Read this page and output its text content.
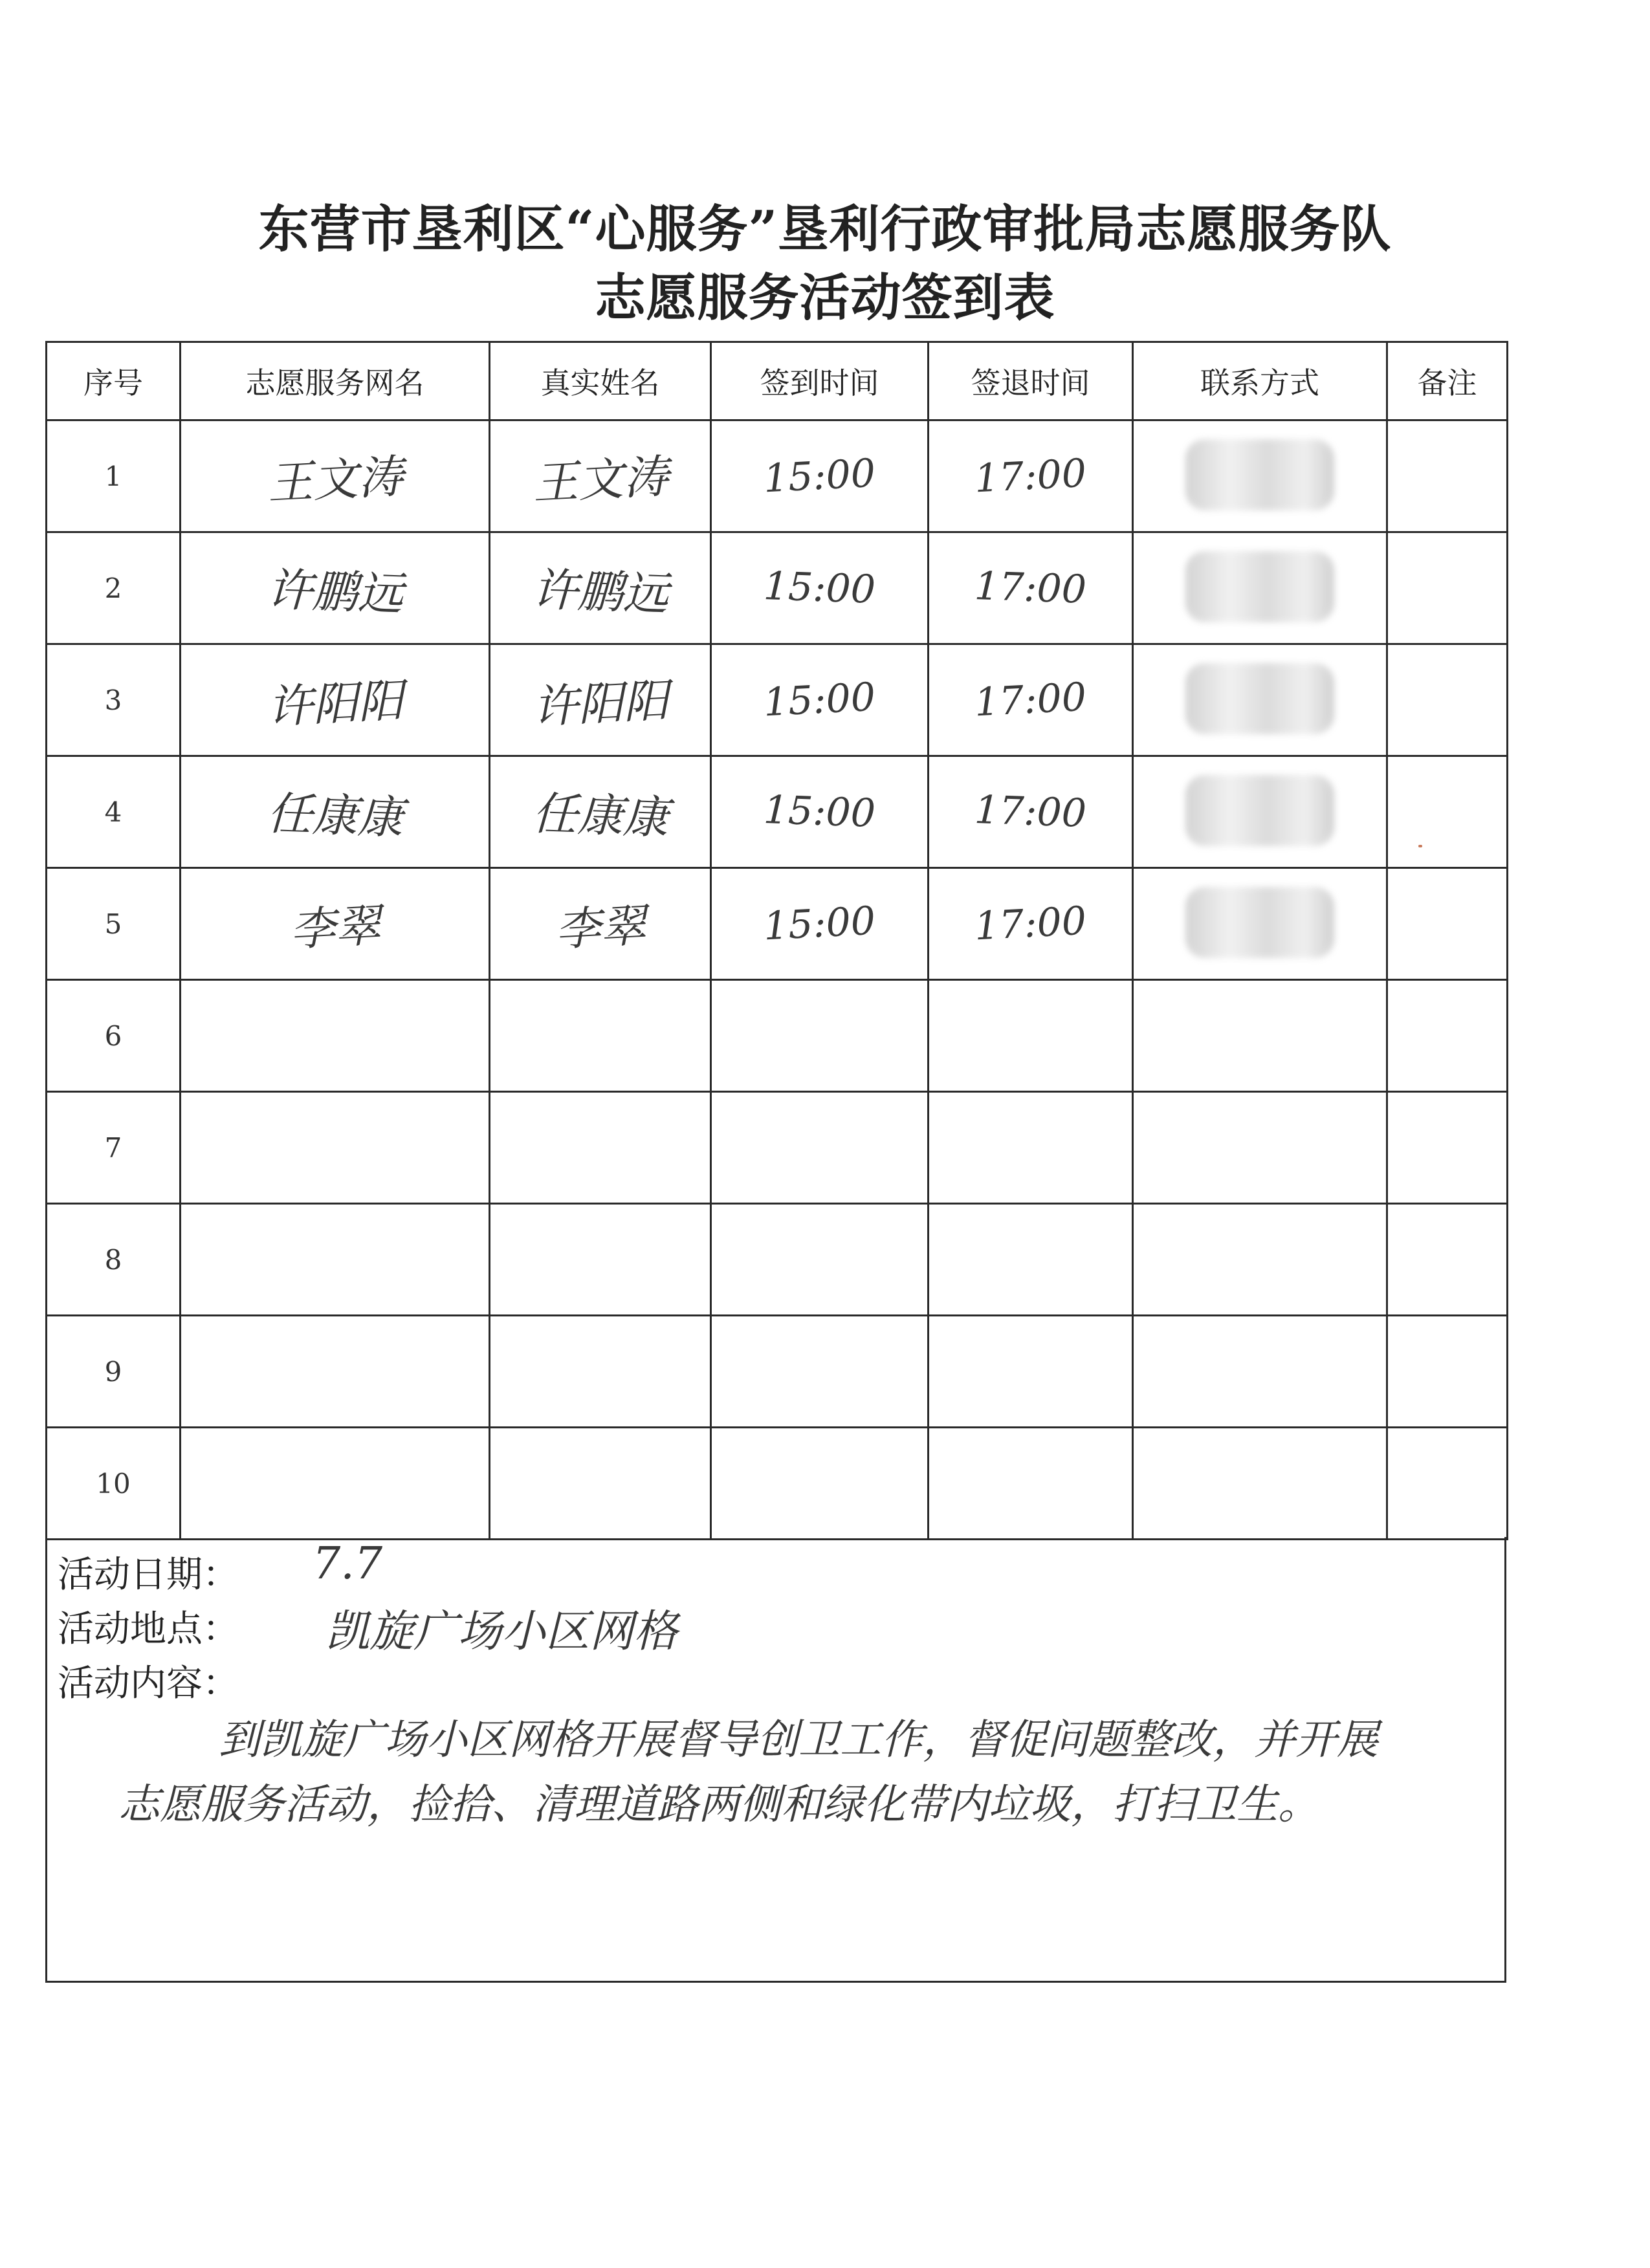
东营市垦利区“心服务”垦利行政审批局志愿服务队
志愿服务活动签到表
序号	志愿服务网名	真实姓名	签到时间	签退时间	联系方式	备注
1	王文涛	王文涛	15:00	17:00		
2	许鹏远	许鹏远	15:00	17:00		
3	许阳阳	许阳阳	15:00	17:00		
4	任康康	任康康	15:00	17:00		
5	李翠	李翠	15:00	17:00		
6						
7						
8						
9						
10						
活动日期： 7.7
活动地点： 凯旋广场小区网格
活动内容：
到凯旋广场小区网格开展督导创卫工作，督促问题整改，并开展
志愿服务活动，捡拾、清理道路两侧和绿化带内垃圾，打扫卫生。
